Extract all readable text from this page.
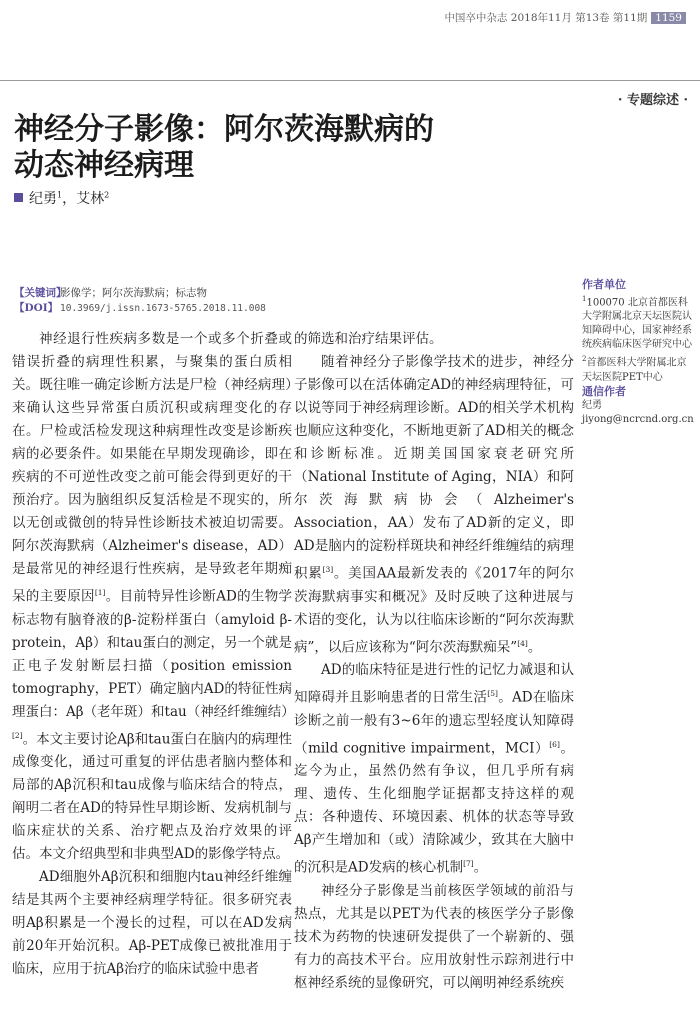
中国卒中杂志 2018年11月 第13卷 第11期 1159
· 专题综述 ·
神经分子影像：阿尔茨海默病的
动态神经病理
纪勇$^1$，艾林$^2$
【关键词】影像学；阿尔茨海默病；标志物
【DOI】 10.3969/j.issn.1673-5765.2018.11.008
作者单位
$^1$100070 北京首都医科大学附属北京天坛医院认知障碍中心，国家神经系统疾病临床医学研究中心
$^2$首都医科大学附属北京天坛医院PET中心
通信作者
纪勇
jiyong@ncrcnd.org.cn

神经退行性疾病多数是一个或多个折叠或错误折叠的病理性积累，与聚集的蛋白质相关。既往唯一确定诊断方法是尸检（神经病理）来确认这些异常蛋白质沉积或病理变化的存在。尸检或活检发现这种病理性改变是诊断疾病的必要条件。如果能在早期发现确诊，即在疾病的不可逆性改变之前可能会得到更好的干预治疗。因为脑组织反复活检是不现实的，所以无创或微创的特异性诊断技术被迫切需要。阿尔茨海默病（Alzheimer's disease，AD）是最常见的神经退行性疾病，是导致老年期痴呆的主要原因[1]。目前特异性诊断AD的生物学标志物有脑脊液的β-淀粉样蛋白（amyloid β-protein，Aβ）和tau蛋白的测定，另一个就是正电子发射断层扫描（position emission tomography，PET）确定脑内AD的特征性病理蛋白：Aβ（老年斑）和tau（神经纤维缠结）[2]。本文主要讨论Aβ和tau蛋白在脑内的病理性成像变化，通过可重复的评估患者脑内整体和局部的Aβ沉积和tau成像与临床结合的特点，阐明二者在AD的特异性早期诊断、发病机制与临床症状的关系、治疗靶点及治疗效果的评估。本文介绍典型和非典型AD的影像学特点。

AD细胞外Aβ沉积和细胞内tau神经纤维缠结是其两个主要神经病理学特征。很多研究表明Aβ积累是一个漫长的过程，可以在AD发病前20年开始沉积。Aβ-PET成像已被批准用于临床，应用于抗Aβ治疗的临床试验中患者

的筛选和治疗结果评估。

随着神经分子影像学技术的进步，神经分子影像可以在活体确定AD的神经病理特征，可以说等同于神经病理诊断。AD的相关学术机构也顺应这种变化，不断地更新了AD相关的概念和诊断标准。近期美国国家衰老研究所（National Institute of Aging，NIA）和阿尔茨海默病协会（Alzheimer's Association，AA）发布了AD新的定义，即AD是脑内的淀粉样斑块和神经纤维缠结的病理积累[3]。美国AA最新发表的《2017年的阿尔茨海默病事实和概况》及时反映了这种进展与术语的变化，认为以往临床诊断的“阿尔茨海默病”，以后应该称为“阿尔茨海默痴呆”[4]。

AD的临床特征是进行性的记忆力减退和认知障碍并且影响患者的日常生活[5]。AD在临床诊断之前一般有3~6年的遗忘型轻度认知障碍（mild cognitive impairment，MCI）[6]。迄今为止，虽然仍然有争议，但几乎所有病理、遗传、生化细胞学证据都支持这样的观点：各种遗传、环境因素、机体的状态等导致Aβ产生增加和（或）清除减少，致其在大脑中的沉积是AD发病的核心机制[7]。

神经分子影像是当前核医学领域的前沿与热点，尤其是以PET为代表的核医学分子影像技术为药物的快速研发提供了一个崭新的、强有力的高技术平台。应用放射性示踪剂进行中枢神经系统的显像研究，可以阐明神经系统疾
